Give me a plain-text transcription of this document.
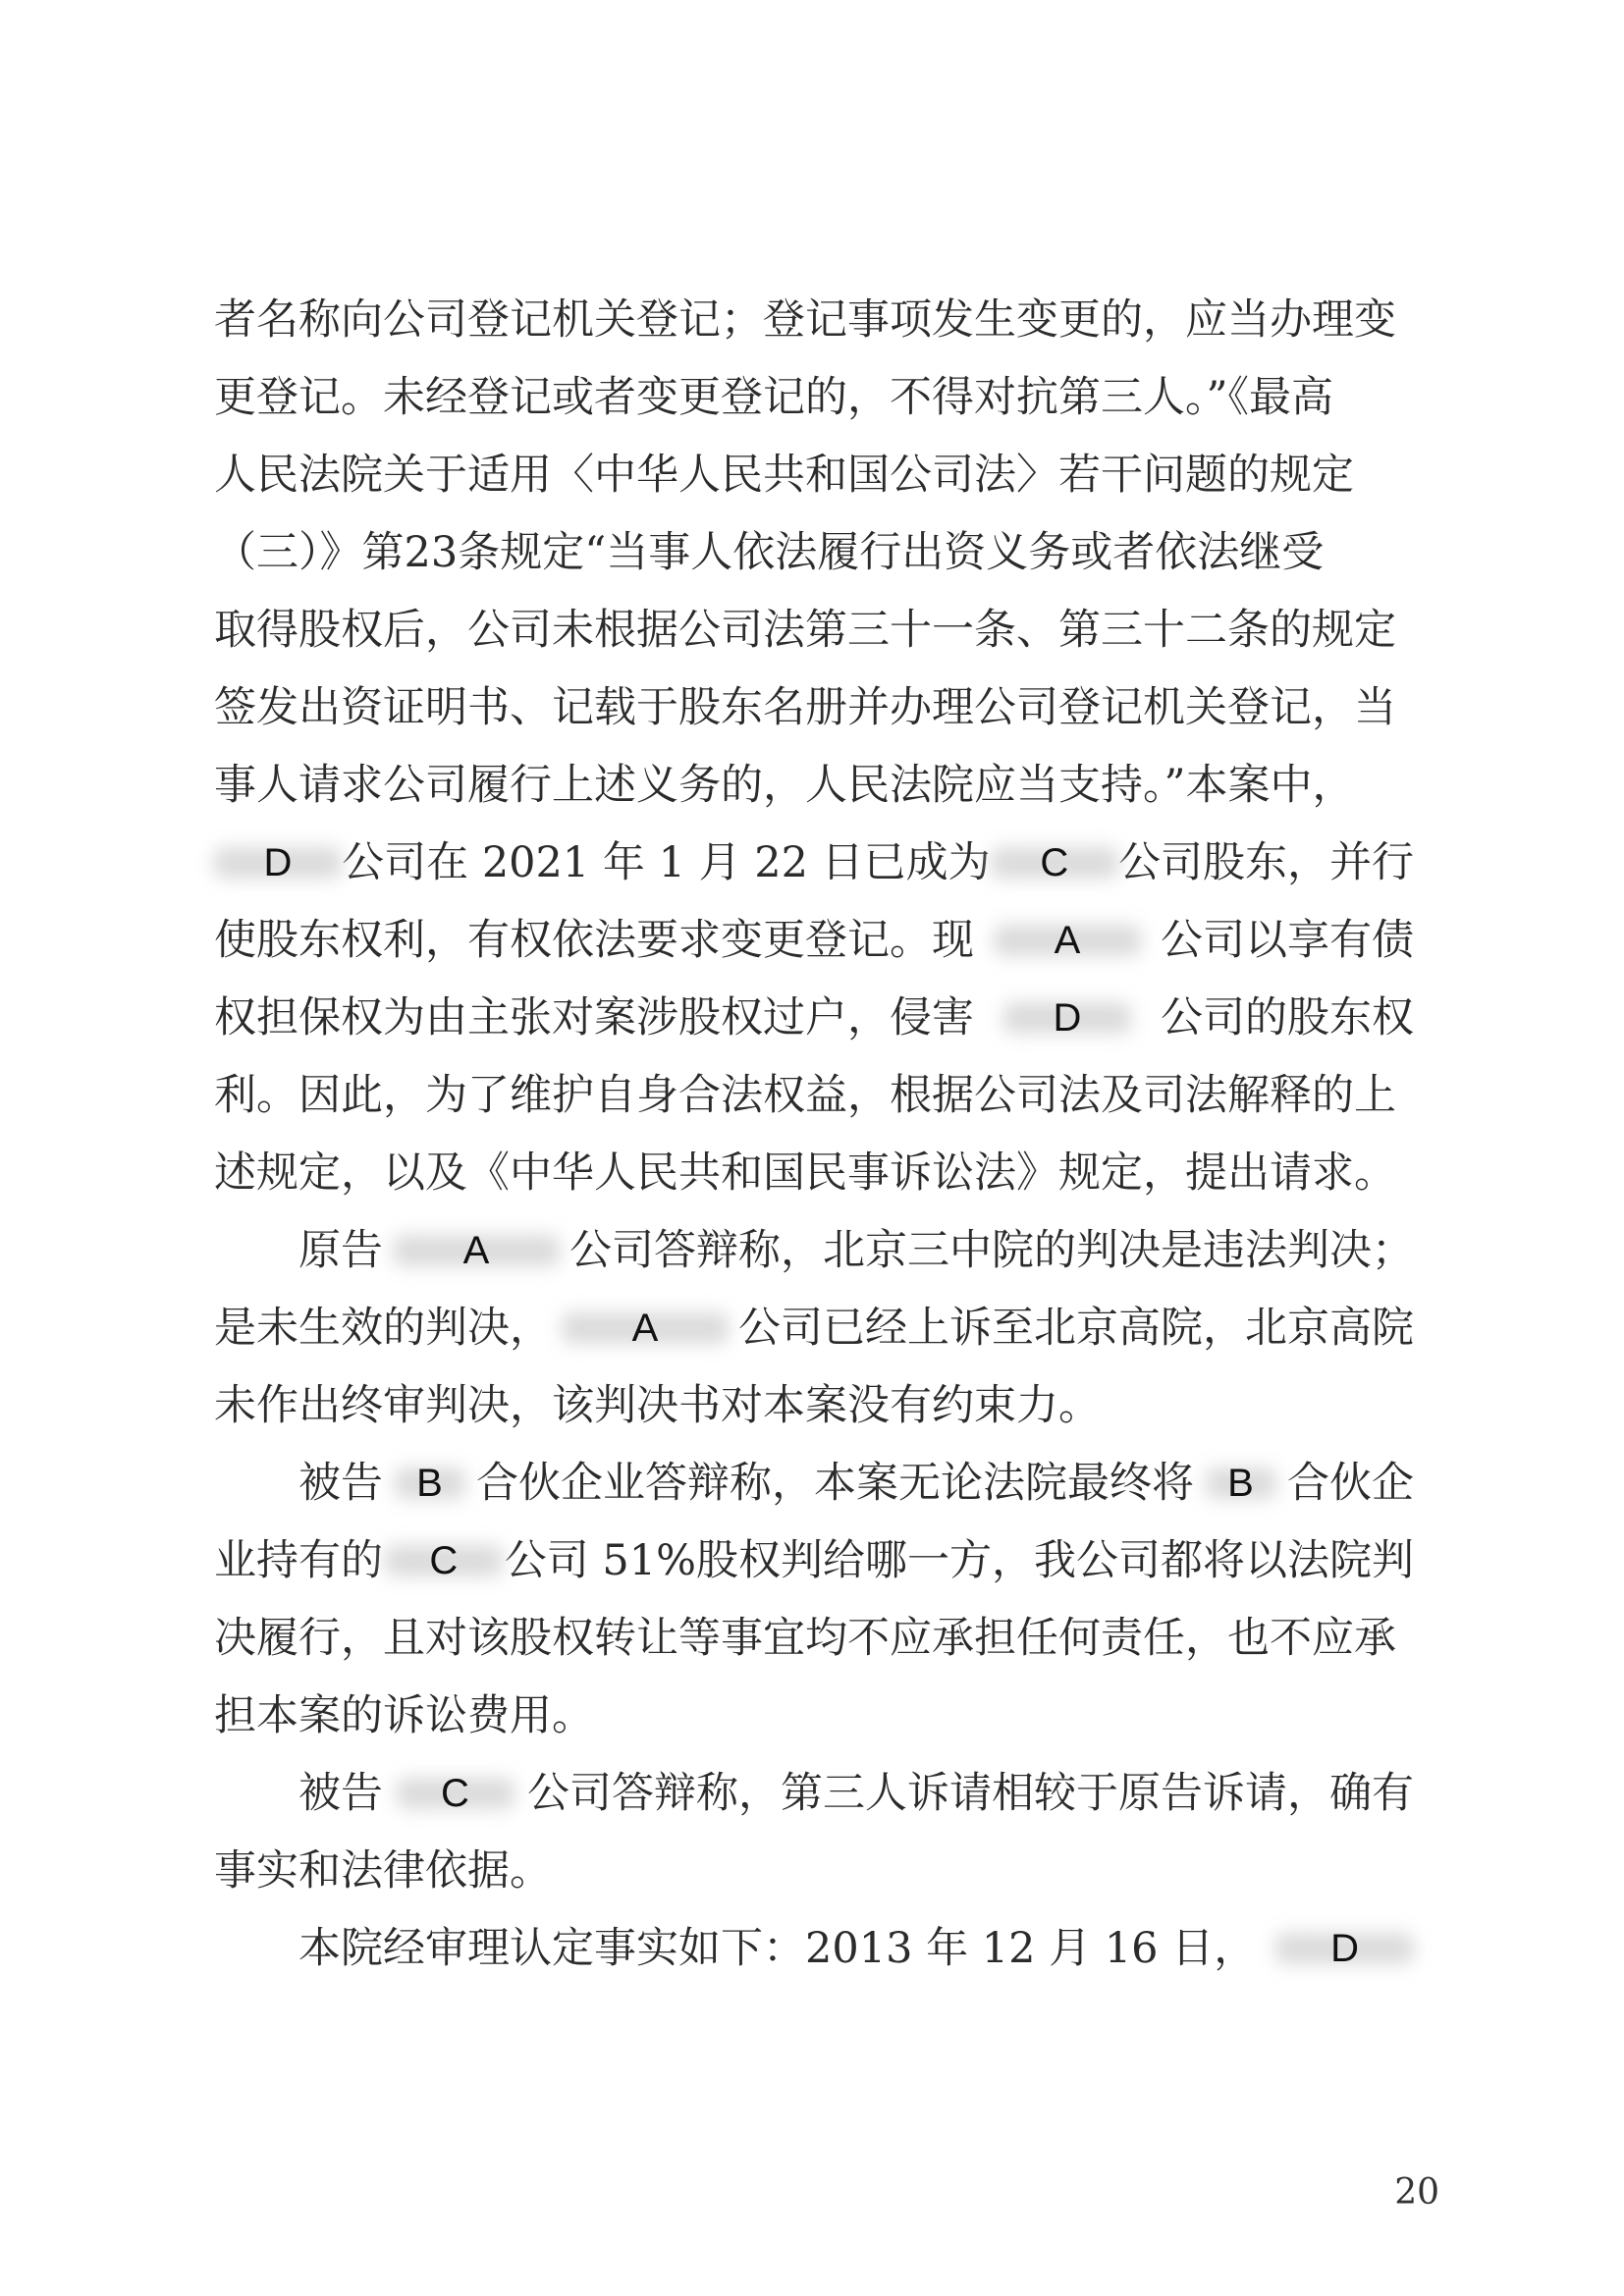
者名称向公司登记机关登记；登记事项发生变更的，应当办理变
更登记。未经登记或者变更登记的，不得对抗第三人。”《最高
人民法院关于适用〈中华人民共和国公司法〉若干问题的规定
（三）》第23条规定“当事人依法履行出资义务或者依法继受
取得股权后，公司未根据公司法第三十一条、第三十二条的规定
签发出资证明书、记载于股东名册并办理公司登记机关登记，当
事人请求公司履行上述义务的，人民法院应当支持。”本案中，
D	公司在 2021 年 1 月 22 日已成为	C	公司股东，并行
使股东权利，有权依法要求变更登记。现	A	公司以享有债
权担保权为由主张对案涉股权过户，侵害	D	公司的股东权
利。因此，为了维护自身合法权益，根据公司法及司法解释的上
述规定，以及《中华人民共和国民事诉讼法》规定，提出请求。
原告	A	公司答辩称，北京三中院的判决是违法判决；
是未生效的判决，	A	公司已经上诉至北京高院，北京高院
未作出终审判决，该判决书对本案没有约束力。
被告 B 合伙企业答辩称，本案无论法院最终将 B 合伙企
业持有的	C	公司 51%股权判给哪一方，我公司都将以法院判
决履行，且对该股权转让等事宜均不应承担任何责任，也不应承
担本案的诉讼费用。
被告	C	公司答辩称，第三人诉请相较于原告诉请，确有
事实和法律依据。
本院经审理认定事实如下：2013 年 12 月 16 日，	D
20
